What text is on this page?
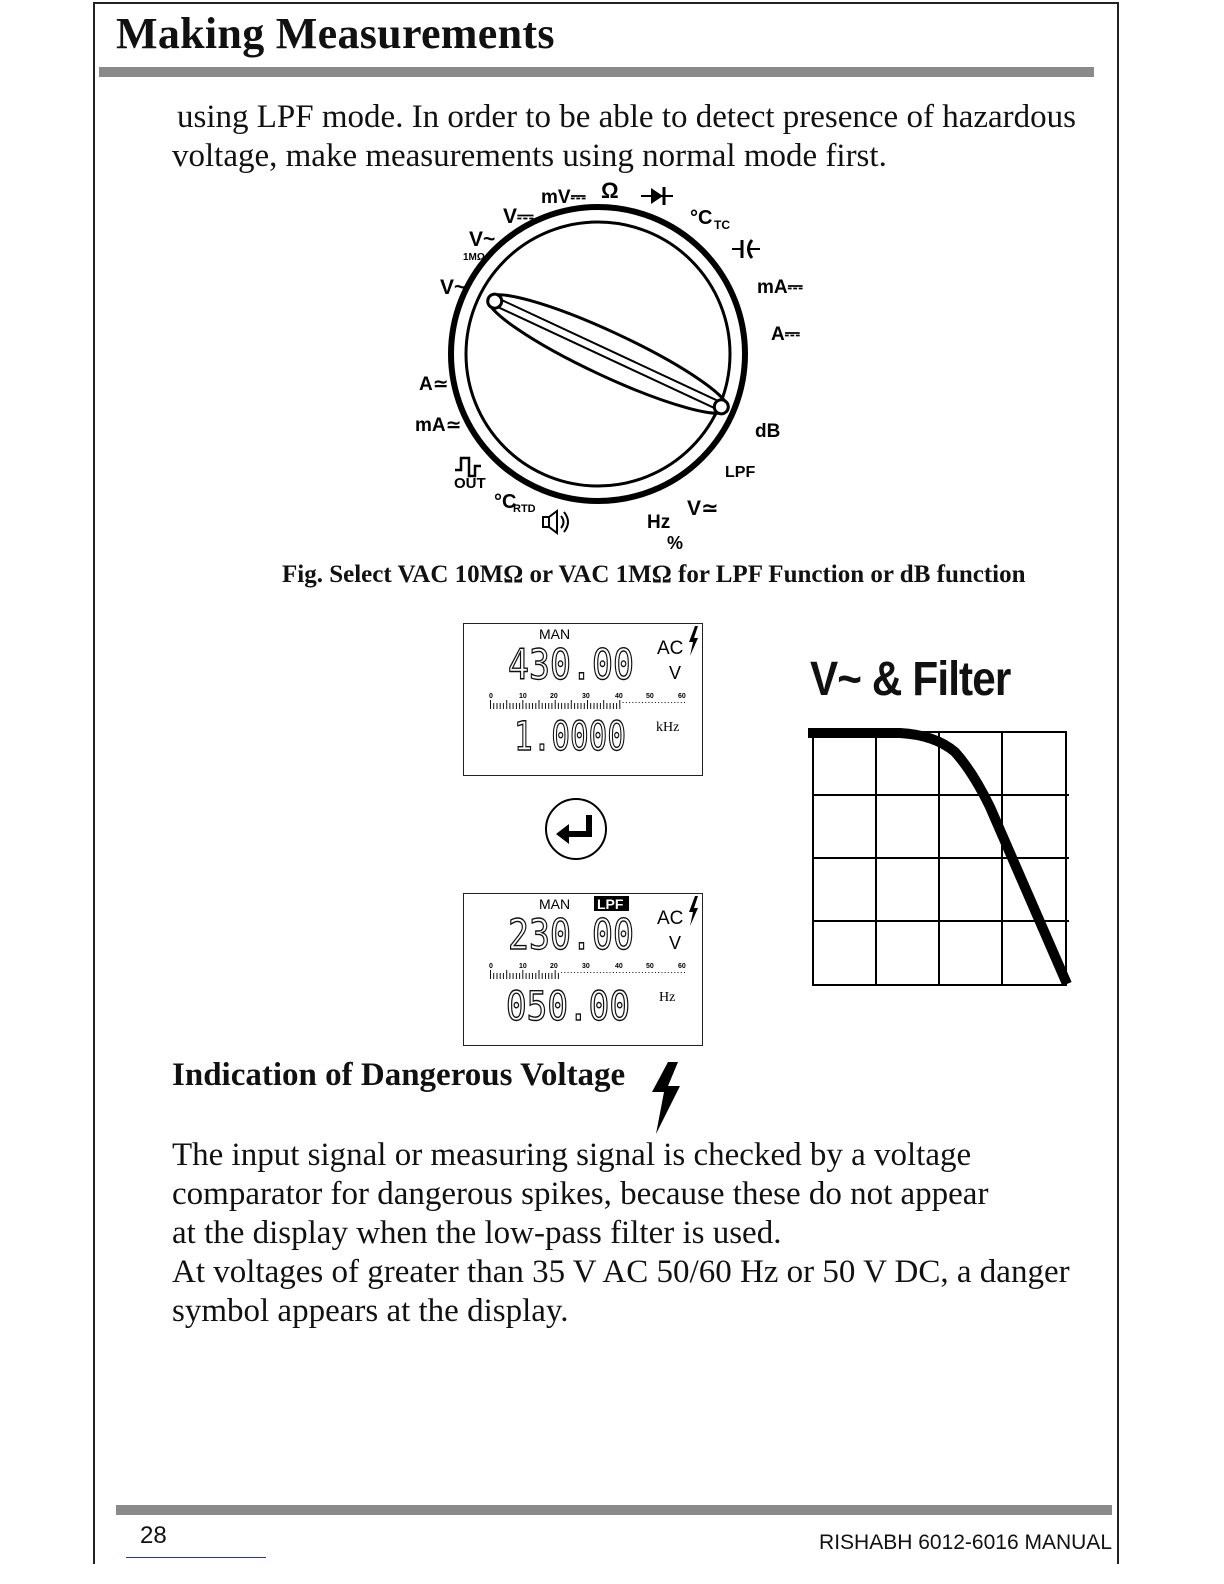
Making Measurements
using LPF mode. In order to be able to detect presence of hazardous
voltage, make measurements using normal mode first.
mV⎓ Ω
°C TC
mA⎓
A⎓
dB
LPF
V≃
Hz
%
°C
RTD
OUT
mA≃
A≃
V~
V~
1MΩ
V⎓
Fig. Select VAC 10MΩ or VAC 1MΩ for LPF Function or dB function
MAN
430.00 AC
V
0	10	20	30	40	50	60
1.0000 kHz
MAN LPF
230.00 AC
V
0	10	20	30	40	50	60
050.00 Hz
V~ & Filter
Indication of Dangerous Voltage

The input signal or measuring signal is checked by a voltage

comparator for dangerous spikes, because these do not appear

at the display when the low-pass filter is used.

At voltages of greater than 35 V AC 50/60 Hz or 50 V DC, a danger

symbol appears at the display.

28	RISHABH 6012-6016 MANUAL
